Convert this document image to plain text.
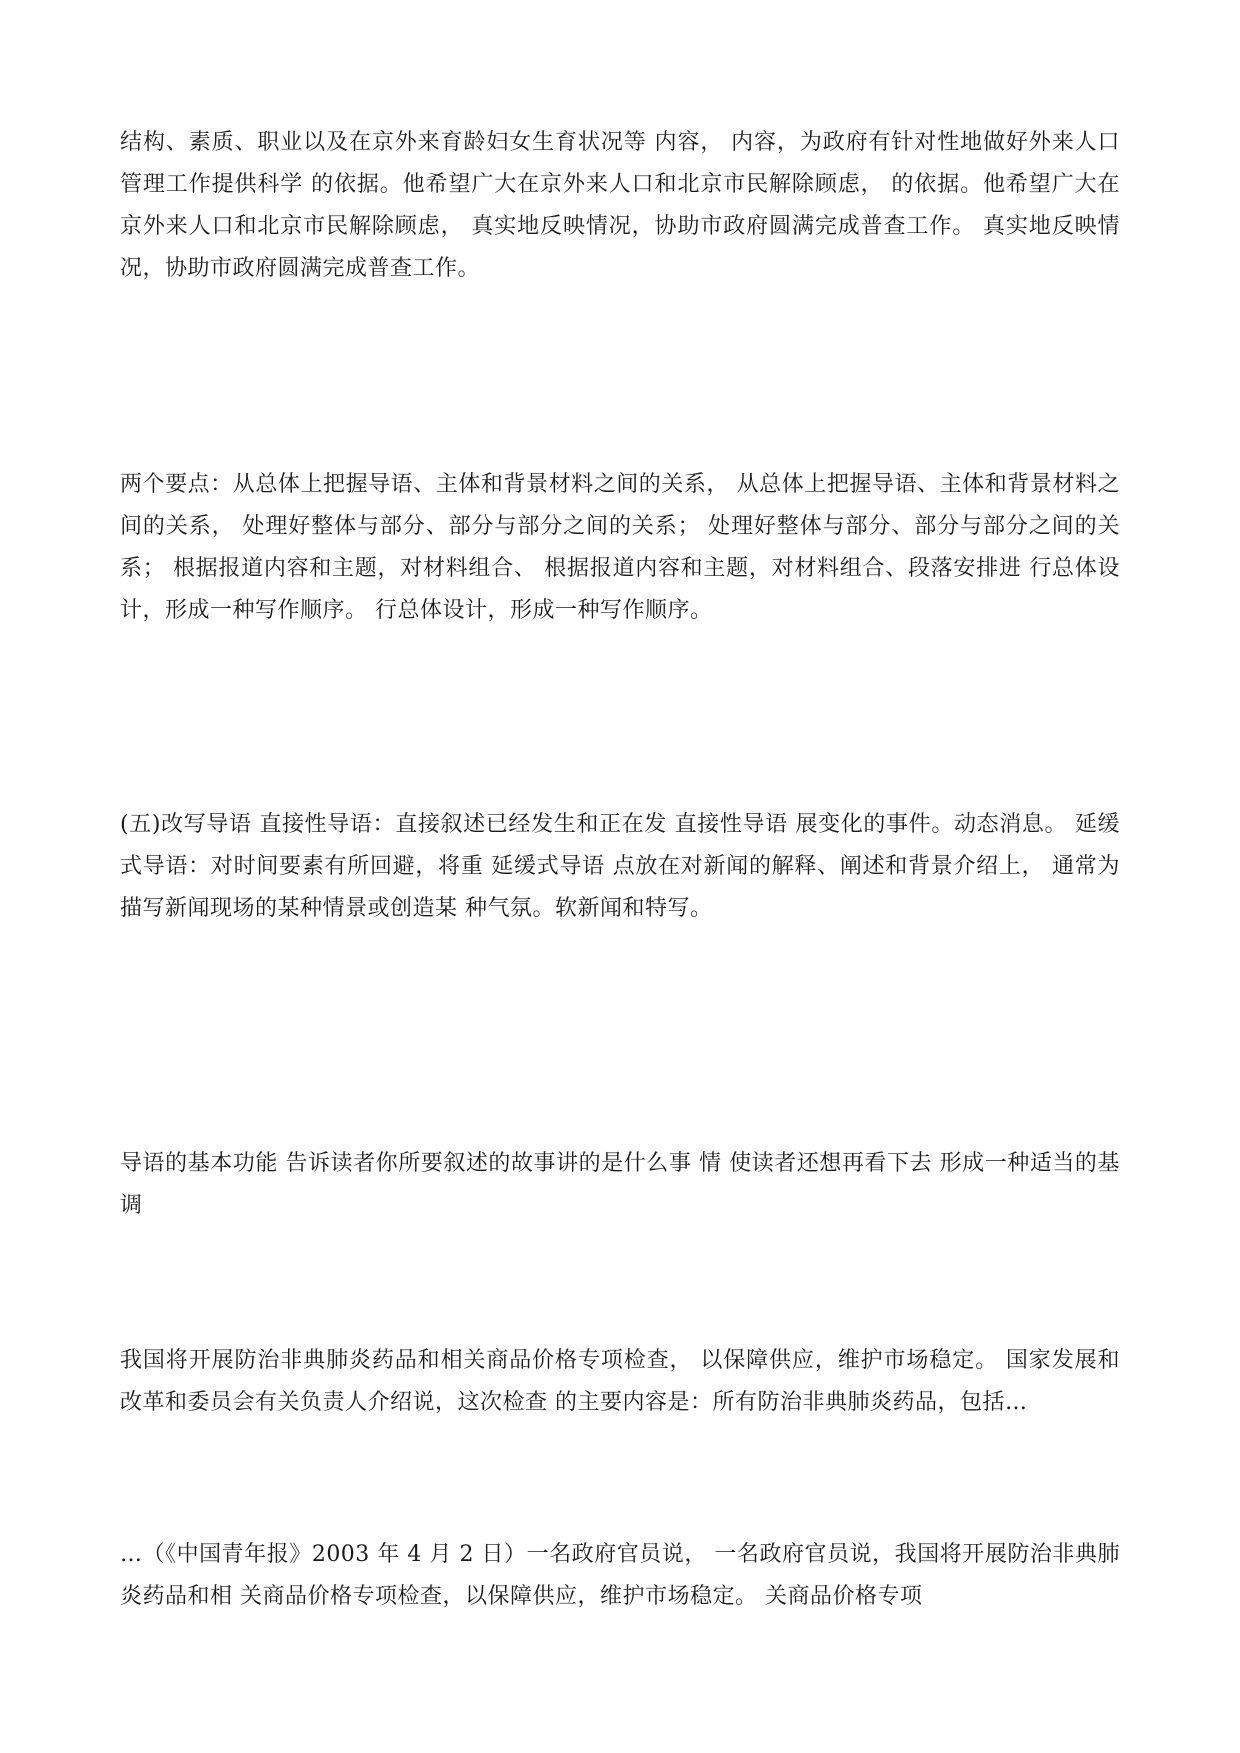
结构、素质、职业以及在京外来育龄妇女生育状况等 内容， 内容，为政府有针对性地做好外来人口管理工作提供科学 的依据。他希望广大在京外来人口和北京市民解除顾虑， 的依据。他希望广大在京外来人口和北京市民解除顾虑， 真实地反映情况，协助市政府圆满完成普查工作。 真实地反映情况，协助市政府圆满完成普查工作。

两个要点：从总体上把握导语、主体和背景材料之间的关系， 从总体上把握导语、主体和背景材料之间的关系， 处理好整体与部分、部分与部分之间的关系； 处理好整体与部分、部分与部分之间的关系； 根据报道内容和主题，对材料组合、 根据报道内容和主题，对材料组合、段落安排进 行总体设计，形成一种写作顺序。 行总体设计，形成一种写作顺序。

(五)改写导语 直接性导语：直接叙述已经发生和正在发 直接性导语 展变化的事件。动态消息。 延缓式导语：对时间要素有所回避，将重 延缓式导语 点放在对新闻的解释、阐述和背景介绍上， 通常为描写新闻现场的某种情景或创造某 种气氛。软新闻和特写。

导语的基本功能 告诉读者你所要叙述的故事讲的是什么事 情 使读者还想再看下去 形成一种适当的基调

我国将开展防治非典肺炎药品和相关商品价格专项检查， 以保障供应，维护市场稳定。 国家发展和改革和委员会有关负责人介绍说，这次检查 的主要内容是：所有防治非典肺炎药品，包括…

…（《中国青年报》2003 年 4 月 2 日）一名政府官员说， 一名政府官员说，我国将开展防治非典肺炎药品和相 关商品价格专项检查，以保障供应，维护市场稳定。 关商品价格专项
